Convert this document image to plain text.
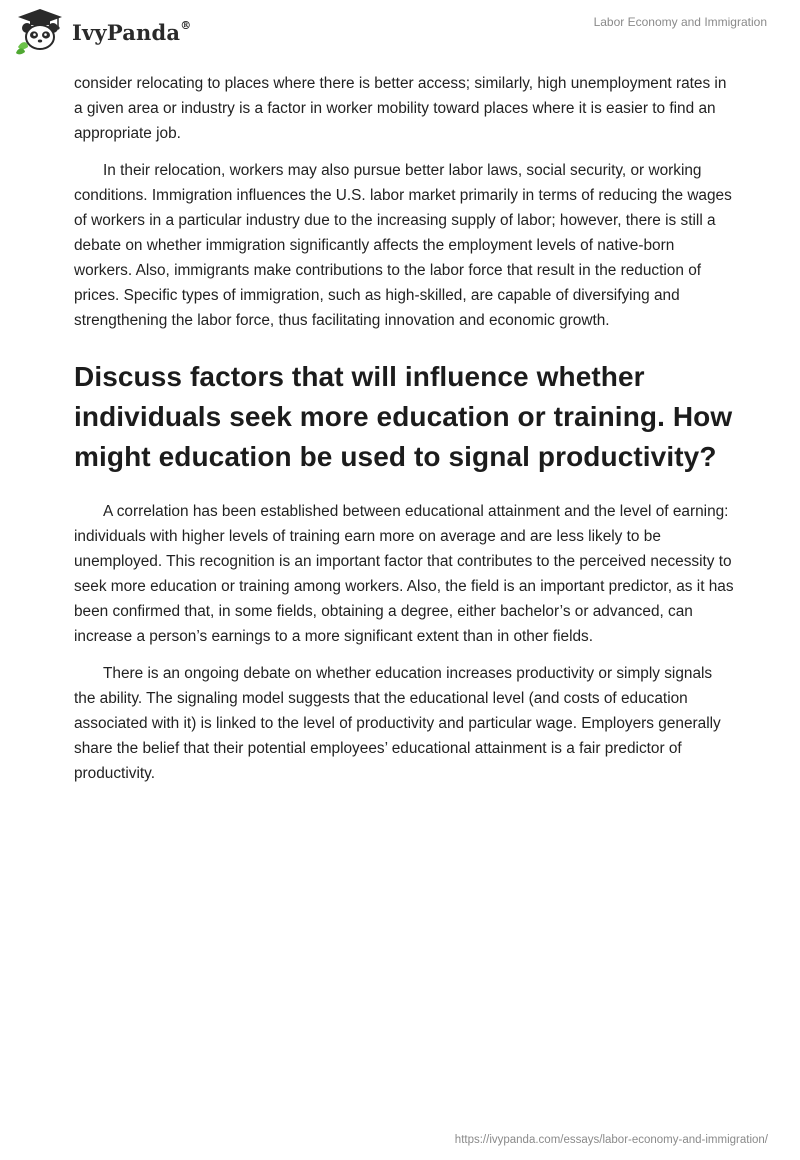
IvyPanda®	Labor Economy and Immigration

consider relocating to places where there is better access; similarly, high unemployment rates in a given area or industry is a factor in worker mobility toward places where it is easier to find an appropriate job.

In their relocation, workers may also pursue better labor laws, social security, or working conditions. Immigration influences the U.S. labor market primarily in terms of reducing the wages of workers in a particular industry due to the increasing supply of labor; however, there is still a debate on whether immigration significantly affects the employment levels of native-born workers. Also, immigrants make contributions to the labor force that result in the reduction of prices. Specific types of immigration, such as high-skilled, are capable of diversifying and strengthening the labor force, thus facilitating innovation and economic growth.

Discuss factors that will influence whether individuals seek more education or training. How might education be used to signal productivity?

A correlation has been established between educational attainment and the level of earning: individuals with higher levels of training earn more on average and are less likely to be unemployed. This recognition is an important factor that contributes to the perceived necessity to seek more education or training among workers. Also, the field is an important predictor, as it has been confirmed that, in some fields, obtaining a degree, either bachelor’s or advanced, can increase a person’s earnings to a more significant extent than in other fields.

There is an ongoing debate on whether education increases productivity or simply signals the ability. The signaling model suggests that the educational level (and costs of education associated with it) is linked to the level of productivity and particular wage. Employers generally share the belief that their potential employees’ educational attainment is a fair predictor of productivity.

https://ivypanda.com/essays/labor-economy-and-immigration/
